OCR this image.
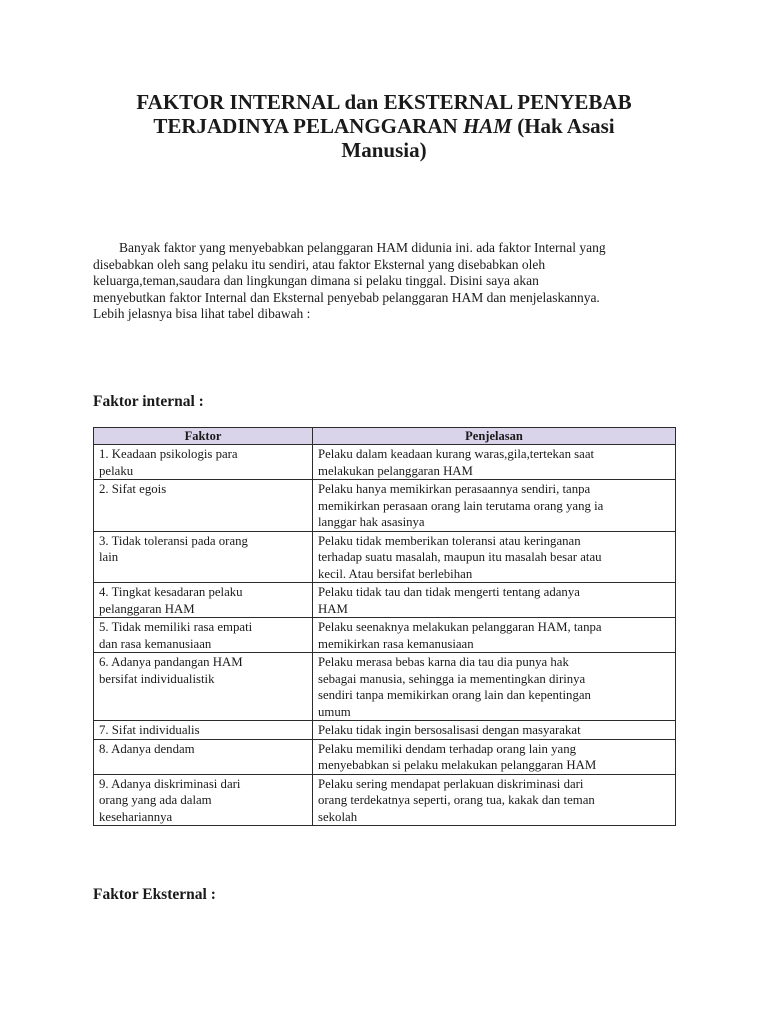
FAKTOR INTERNAL dan EKSTERNAL PENYEBAB
TERJADINYA PELANGGARAN HAM (Hak Asasi
Manusia)

Banyak faktor yang menyebabkan pelanggaran HAM didunia ini. ada faktor Internal yang
disebabkan oleh sang pelaku itu sendiri, atau faktor Eksternal yang disebabkan oleh
keluarga,teman,saudara dan lingkungan dimana si pelaku tinggal. Disini saya akan
menyebutkan faktor Internal dan Eksternal penyebab pelanggaran HAM dan menjelaskannya.
Lebih jelasnya bisa lihat tabel dibawah :

Faktor internal :
Faktor	Penjelasan

1. Keadaan psikologis para
pelaku	Pelaku dalam keadaan kurang waras,gila,tertekan saat
melakukan pelanggaran HAM

2. Sifat egois	Pelaku hanya memikirkan perasaannya sendiri, tanpa
memikirkan perasaan orang lain terutama orang yang ia
langgar hak asasinya

3. Tidak toleransi pada orang
lain	Pelaku tidak memberikan toleransi atau keringanan
terhadap suatu masalah, maupun itu masalah besar atau
kecil. Atau bersifat berlebihan

4. Tingkat kesadaran pelaku
pelanggaran HAM	Pelaku tidak tau dan tidak mengerti tentang adanya
HAM

5. Tidak memiliki rasa empati
dan rasa kemanusiaan	Pelaku seenaknya melakukan pelanggaran HAM, tanpa
memikirkan rasa kemanusiaan

6. Adanya pandangan HAM
bersifat individualistik	Pelaku merasa bebas karna dia tau dia punya hak
sebagai manusia, sehingga ia mementingkan dirinya
sendiri tanpa memikirkan orang lain dan kepentingan
umum

7. Sifat individualis	Pelaku tidak ingin bersosalisasi dengan masyarakat

8. Adanya dendam	Pelaku memiliki dendam terhadap orang lain yang
menyebabkan si pelaku melakukan pelanggaran HAM

9. Adanya diskriminasi dari
orang yang ada dalam
kesehariannya	Pelaku sering mendapat perlakuan diskriminasi dari
orang terdekatnya seperti, orang tua, kakak dan teman
sekolah
Faktor Eksternal :
